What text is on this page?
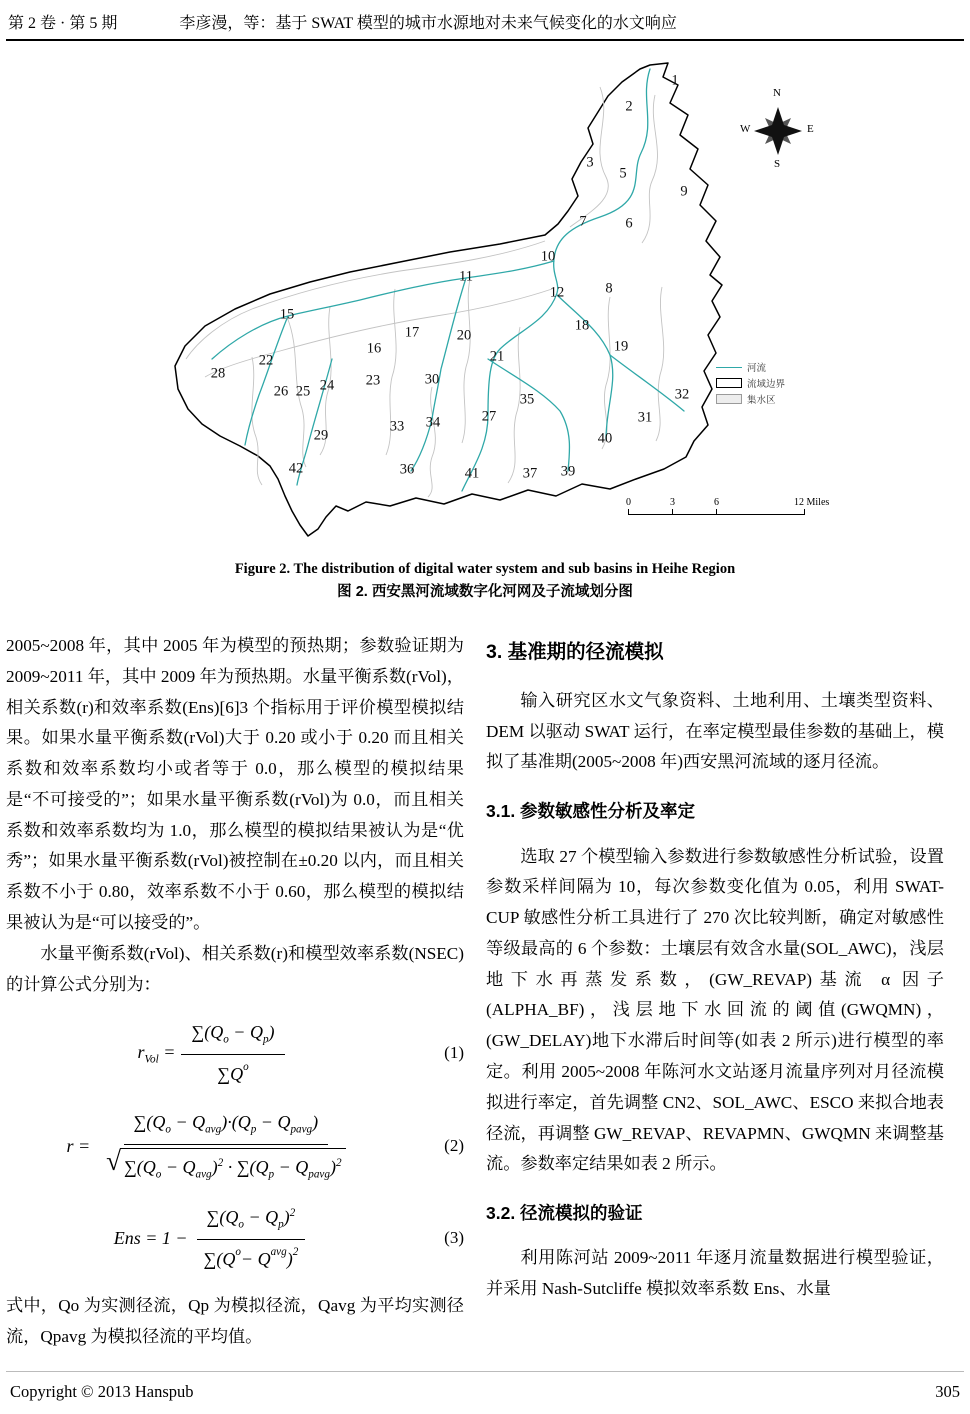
第 2 卷 · 第 5 期	李彦漫，等：基于 SWAT 模型的城市水源地对未来气候变化的水文响应
1
2
3
5
9
7	6
10
11
12	8
15
18
17	20
16	19
21
22
30
23
24
26 25
28
32
35
33 34	27	31
29	40
42	36	41	37 39
N
E
S
W
河流
流域边界
集水区
0	3	6	12 Miles

Figure 2. The distribution of digital water system and sub basins in Heihe Region

图 2. 西安黑河流域数字化河网及子流域划分图

2005~2008 年，其中 2005 年为模型的预热期；参数验证期为 2009~2011 年，其中 2009 年为预热期。水量平衡系数(rVol)，相关系数(r)和效率系数(Ens)[6]3 个指标用于评价模型模拟结果。如果水量平衡系数(rVol)大于 0.20 或小于 0.20 而且相关系数和效率系数均小或者等于 0.0，那么模型的模拟结果是“不可接受的”；如果水量平衡系数(rVol)为 0.0，而且相关系数和效率系数均为 1.0，那么模型的模拟结果被认为是“优秀”；如果水量平衡系数(rVol)被控制在±0.20 以内，而且相关系数不小于 0.80，效率系数不小于 0.60，那么模型的模拟结果被认为是“可以接受的”。

水量平衡系数(rVol)、相关系数(r)和模型效率系数(NSEC)的计算公式分别为：

$r_{Vol} = \frac{\sum(Q_o - Q_p)}{\text{∑Q o}}$	(1)
$r = \frac{\sum(Q_o - Q_{avg})\cdot(Q_p - Q_{pavg})}{√ \sum(Q_o - Q_{avg})^2 \cdot \sum(Q_p - Q_{pavg})^2}$	(2)
Ens = $1 - \frac{\sum(Q_o - Q_p)^2}{\text{∑(Q o − Q avg ) 2}}$	(3)

式中，Qo 为实测径流，Qp 为模拟径流，Qavg 为平均实测径流，Qpavg 为模拟径流的平均值。

3. 基准期的径流模拟

输入研究区水文气象资料、土地利用、土壤类型资料、DEM 以驱动 SWAT 运行，在率定模型最佳参数的基础上，模拟了基准期(2005~2008 年)西安黑河流域的逐月径流。

3.1. 参数敏感性分析及率定

选取 27 个模型输入参数进行参数敏感性分析试验，设置参数采样间隔为 10，每次参数变化值为 0.05，利用 SWAT-CUP 敏感性分析工具进行了 270 次比较判断，确定对敏感性等级最高的 6 个参数：土壤层有效含水量(SOL_AWC)，浅层地下水再蒸发系数，(GW_REVAP)基流 α 因子(ALPHA_BF)，浅层地下水回流的阈值(GWQMN)，(GW_DELAY)地下水滞后时间等(如表 2 所示)进行模型的率定。利用 2005~2008 年陈河水文站逐月流量序列对月径流模拟进行率定，首先调整 CN2、SOL_AWC、ESCO 来拟合地表径流，再调整 GW_REVAP、REVAPMN、GWQMN 来调整基流。参数率定结果如表 2 所示。

3.2. 径流模拟的验证

利用陈河站 2009~2011 年逐月流量数据进行模型验证，并采用 Nash-Sutcliffe 模拟效率系数 Ens、水量

Copyright © 2013 Hanspub	305
